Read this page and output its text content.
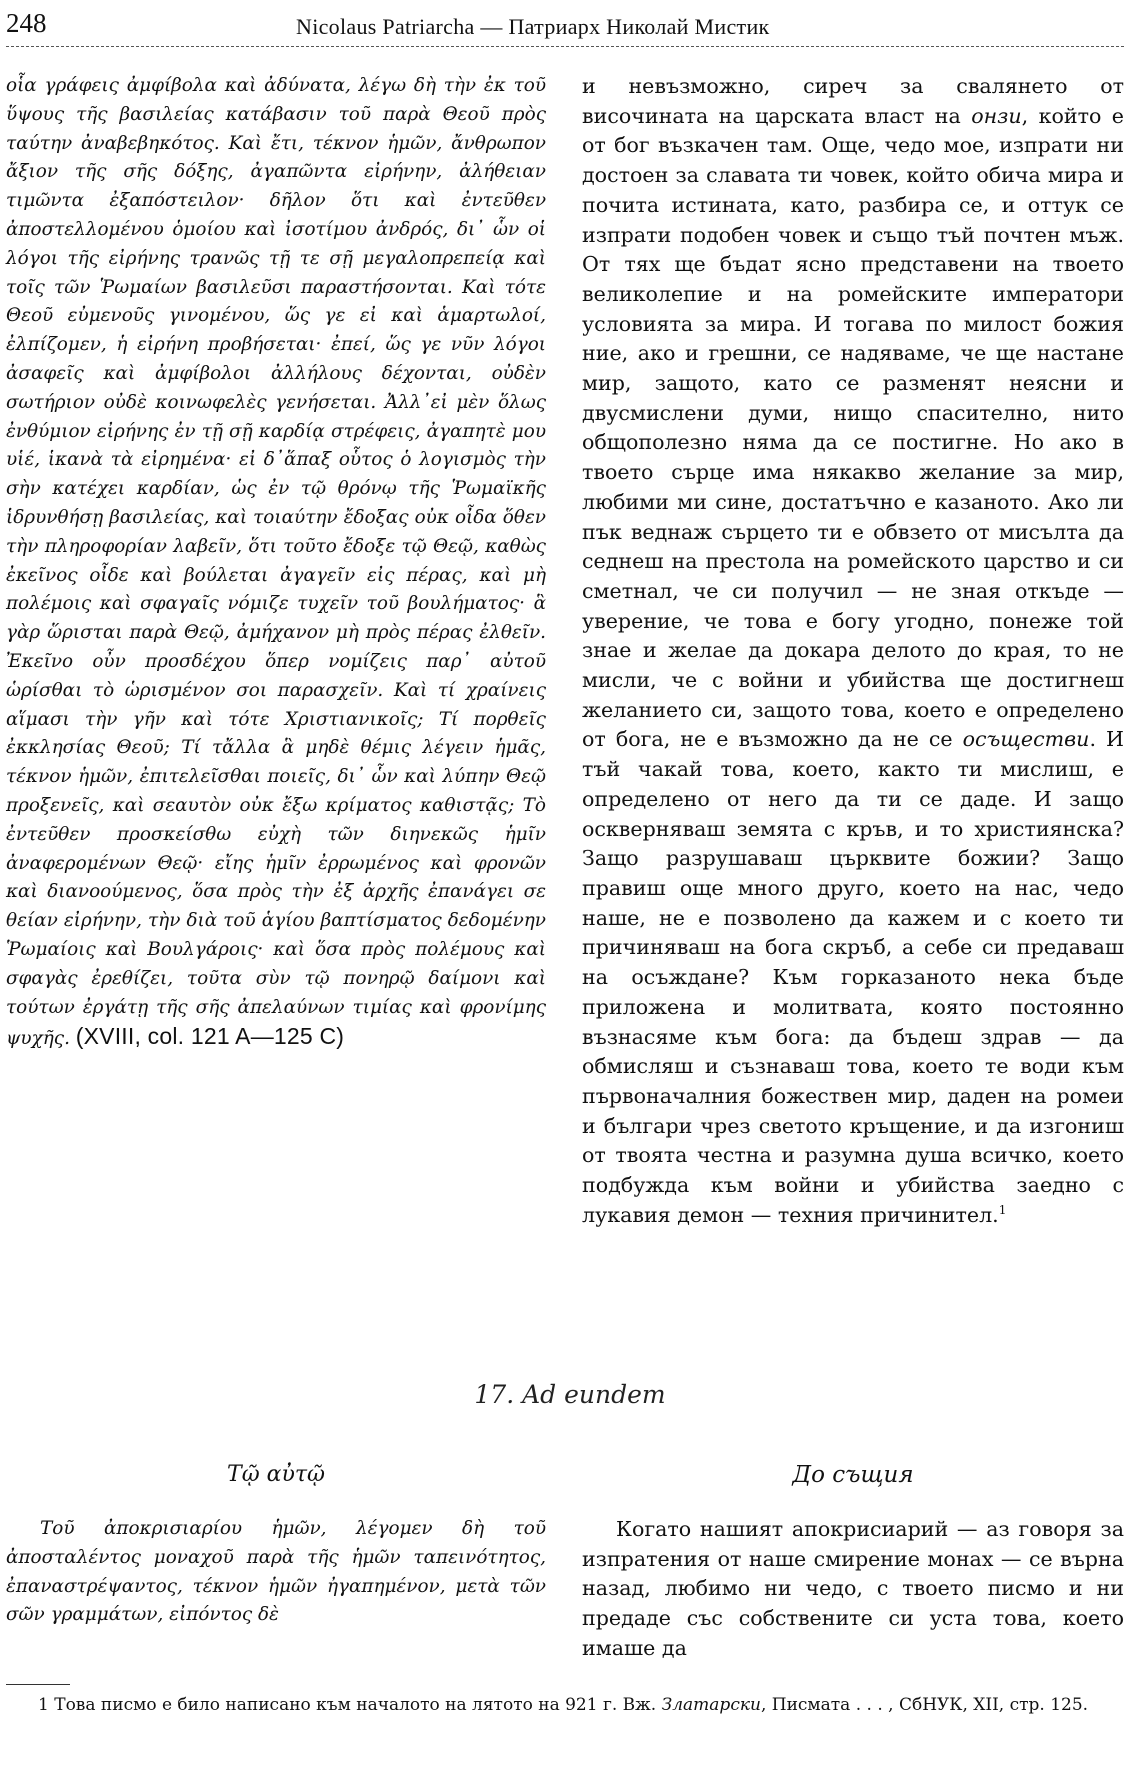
248	Nicolaus Patriarcha — Патриарх Николай Мистик

οἷα γράφεις ἀμφίβολα καὶ ἀδύνατα, λέγω δὴ τὴν ἐκ τοῦ ὕψους τῆς βασιλείας κατάβασιν τοῦ παρὰ Θεοῦ πρὸς ταύτην ἀναβεβηκότος. Καὶ ἔτι, τέκνον ἡμῶν, ἄνθρωπον ἄξιον τῆς σῆς δόξης, ἀγαπῶντα εἰρήνην, ἀλήθειαν τιμῶντα ἐξαπόστειλον· δῆλον ὅτι καὶ ἐντεῦθεν ἀποστελλομένου ὁμοίου καὶ ἰσοτίμου ἀνδρός, δι᾿ ὧν οἱ λόγοι τῆς εἰρήνης τρανῶς τῇ τε σῇ μεγαλοπρεπείᾳ καὶ τοῖς τῶν Ῥωμαίων βασιλεῦσι παραστήσονται. Καὶ τότε Θεοῦ εὐμενοῦς γινομένου, ὥς γε εἰ καὶ ἁμαρτωλοί, ἐλπίζομεν, ἡ εἰρήνη προβήσεται· ἐπεί, ὥς γε νῦν λόγοι ἀσαφεῖς καὶ ἀμφίβολοι ἀλλήλους δέχονται, οὐδὲν σωτήριον οὐδὲ κοινωφελὲς γενήσεται. Ἀλλ᾿εἰ μὲν ὅλως ἐνθύμιον εἰρήνης ἐν τῇ σῇ καρδίᾳ στρέφεις, ἀγαπητὲ μου υἱέ, ἱκανὰ τὰ εἰρημένα· εἰ δ᾿ἅπαξ οὗτος ὁ λογισμὸς τὴν σὴν κατέχει καρδίαν, ὡς ἐν τῷ θρόνῳ τῆς Ῥωμαϊκῆς ἱδρυνθήσῃ βασιλείας, καὶ τοιαύτην ἔδοξας οὐκ οἶδα ὅθεν τὴν πληροφορίαν λαβεῖν, ὅτι τοῦτο ἔδοξε τῷ Θεῷ, καθὼς ἐκεῖνος οἶδε καὶ βούλεται ἀγαγεῖν εἰς πέρας, καὶ μὴ πολέμοις καὶ σφαγαῖς νόμιζε τυχεῖν τοῦ βουλήματος· ἃ γὰρ ὥρισται παρὰ Θεῷ, ἀμήχανον μὴ πρὸς πέρας ἐλθεῖν. Ἐκεῖνο οὖν προσδέχου ὅπερ νομίζεις παρ᾿ αὐτοῦ ὡρίσθαι τὸ ὡρισμένον σοι παρασχεῖν. Καὶ τί χραίνεις αἵμασι τὴν γῆν καὶ τότε Χριστιανικοῖς; Τί πορθεῖς ἐκκλησίας Θεοῦ; Τί τἄλλα ἃ μηδὲ θέμις λέγειν ἡμᾶς, τέκνον ἡμῶν, ἐπιτελεῖσθαι ποιεῖς, δι᾿ ὧν καὶ λύπην Θεῷ προξενεῖς, καὶ σεαυτὸν οὐκ ἔξω κρίματος καθιστᾷς; Τὸ ἐντεῦθεν προσκείσθω εὐχὴ τῶν διηνεκῶς ἡμῖν ἀναφερομένων Θεῷ· εἴης ἡμῖν ἐρρωμένος καὶ φρονῶν καὶ διανοούμενος, ὅσα πρὸς τὴν ἐξ ἀρχῆς ἐπανάγει σε θείαν εἰρήνην, τὴν διὰ τοῦ ἁγίου βαπτίσματος δεδομένην Ῥωμαίοις καὶ Βουλγάροις· καὶ ὅσα πρὸς πολέμους καὶ σφαγὰς ἐρεθίζει, τοῦτα σὺν τῷ πονηρῷ δαίμονι καὶ τούτων ἐργάτῃ τῆς σῆς ἀπελαύνων τιμίας καὶ φρονίμης ψυχῆς. (XVIII, col. 121 A—125 C)

и невъзможно, сиреч за свалянето от височината на царската власт на онзи, който е от бог възкачен там. Още, чедо мое, изпрати ни достоен за славата ти човек, който обича мира и почита истината, като, разбира се, и оттук се изпрати подобен човек и също тъй почтен мъж. От тях ще бъдат ясно представени на твоето великолепие и на ромейските императори условията за мира. И тогава по милост божия ние, ако и грешни, се надяваме, че ще настане мир, защото, като се разменят неясни и двусмислени думи, нищо спасително, нито общополезно няма да се постигне. Но ако в твоето сърце има някакво желание за мир, любими ми сине, достатъчно е казаното. Ако ли пък веднаж сърцето ти е обвзето от мисълта да седнеш на престола на ромейското царство и си сметнал, че си получил — не зная откъде — уверение, че това е богу угодно, понеже той знае и желае да докара делото до края, то не мисли, че с войни и убийства ще достигнеш желанието си, защото това, което е определено от бога, не е възможно да не се осъществи. И тъй чакай това, което, както ти мислиш, е определено от него да ти се даде. И защо оскверняваш земята с кръв, и то християнска? Защо разрушаваш църквите божии? Защо правиш още много друго, което на нас, чедо наше, не е позволено да кажем и с което ти причиняваш на бога скръб, а себе си предаваш на осъждане? Към горказаното нека бъде приложена и молитвата, която постоянно възнасяме към бога: да бъдеш здрав — да обмисляш и съзнаваш това, което те води към първоначалния божествен мир, даден на ромеи и българи чрез светото кръщение, и да изгониш от твоята честна и разумна душа всичко, което подбужда към войни и убийства заедно с лукавия демон — техния причинител.$^1$

17. Ad eundem
Τῷ αὐτῷ	До същия

Τοῦ ἀποκρισιαρίου ἡμῶν, λέγομεν δὴ τοῦ ἀποσταλέντος μοναχοῦ παρὰ τῆς ἡμῶν ταπεινότητος, ἐπαναστρέψαντος, τέκνον ἡμῶν ἠγαπημένον, μετὰ τῶν σῶν γραμμάτων, εἰπόντος δὲ

Когато нашият апокрисиарий — аз говоря за изпратения от наше смирение монах — се върна назад, любимо ни чедо, с твоето писмо и ни предаде със собствените си уста това, което имаше да

1 Това писмо е било написано към началото на лятото на 921 г. Вж. Златарски, Писмата . . . , СбНУК, XII, стр. 125.
